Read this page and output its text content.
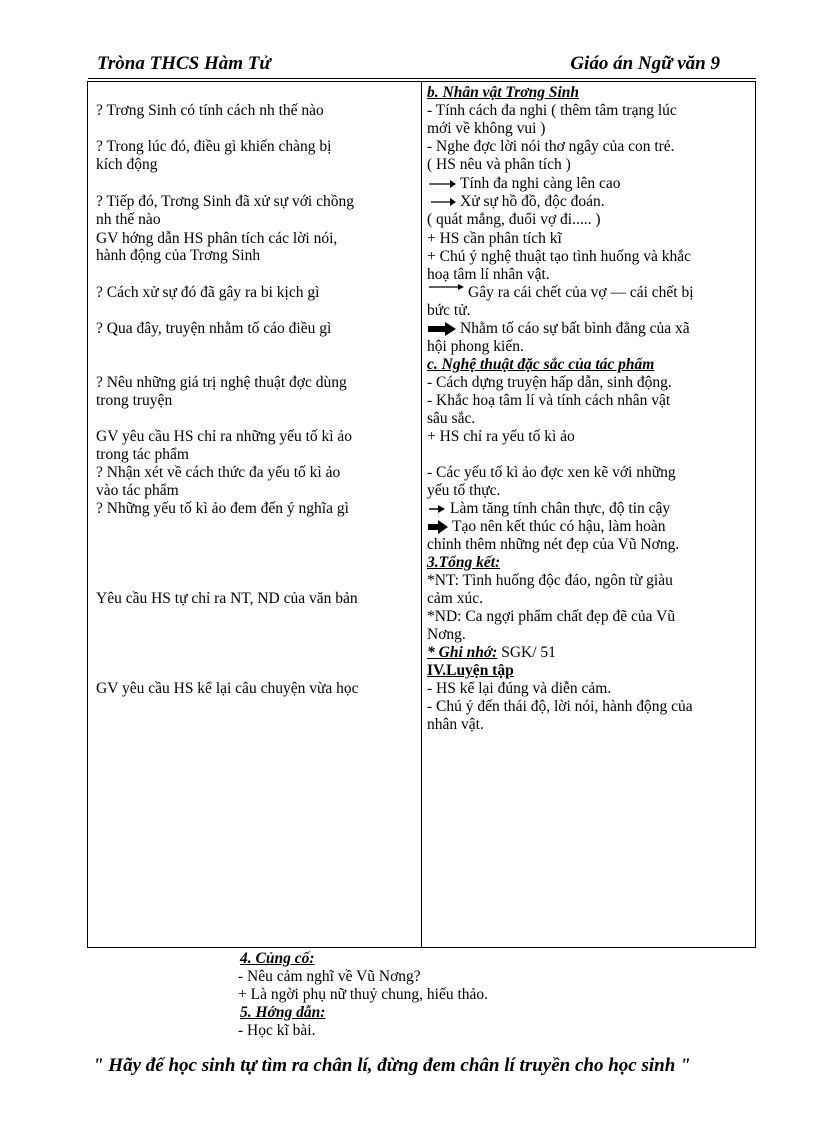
Tròna THCS Hàm Tử	Giáo án Ngữ văn 9
? Trơng Sinh có tính cách nh thế nào
? Trong lúc đó, điều gì khiến chàng bị
kích động
? Tiếp đó, Trơng Sinh đã xử sự với chồng
nh thế nào
GV hớng dẫn HS phân tích các lời nói,
hành động của Trơng Sinh
? Cách xử sự đó đã gây ra bi kịch gì
? Qua đây, truyện nhằm tố cáo điều gì
? Nêu những giá trị nghệ thuật đợc dùng
trong truyện
GV yêu cầu HS chỉ ra những yếu tố kì ảo
trong tác phẩm
? Nhận xét về cách thức đa yếu tố kì ảo
vào tác phẩm
? Những yếu tố kì ảo đem đến ý nghĩa gì
Yêu cầu HS tự chỉ ra NT, ND của văn bản
GV yêu cầu HS kể lại câu chuyện vừa học
b. Nhân vật Trơng Sinh
- Tính cách đa nghi ( thêm tâm trạng lúc
mới về không vui )
- Nghe đợc lời nói thơ ngây của con trẻ.
( HS nêu và phân tích )
Tính đa nghi càng lên cao
Xử sự hồ đồ, độc đoán.
( quát mắng, đuổi vợ đi..... )
+ HS cần phân tích kĩ
+ Chú ý nghệ thuật tạo tình huống và khắc
hoạ tâm lí nhân vật.
Gây ra cái chết của vợ — cái chết bị
bức tử.
Nhằm tố cáo sự bất bình đẳng của xã
hội phong kiến.
c. Nghệ thuật đặc sắc của tác phẩm
- Cách dựng truyện hấp dẫn, sinh động.
- Khắc hoạ tâm lí và tính cách nhân vật
sâu sắc.
+ HS chỉ ra yếu tố kì ảo
- Các yếu tố kì ảo đợc xen kẽ với những
yếu tố thực.
Làm tăng tính chân thực, độ tin cậy
Tạo nên kết thúc có hậu, làm hoàn
chỉnh thêm những nét đẹp của Vũ Nơng.
3.Tổng kết:
*NT: Tình huống độc đáo, ngôn từ giàu
cảm xúc.
*ND: Ca ngợi phẩm chất đẹp đẽ của Vũ
Nơng.
* Ghi nhớ: SGK/ 51
IV.Luyện tập
- HS kể lại đúng và diễn cảm.
- Chú ý đến thái độ, lời nói, hành động của
nhân vật.
4. Củng cố:
- Nêu cảm nghĩ về Vũ Nơng?
+ Là ngời phụ nữ thuỷ chung, hiếu thảo.
5. Hớng dẫn:
- Học kĩ bài.
" Hãy để học sinh tự tìm ra chân lí, đừng đem chân lí truyền cho học sinh "
